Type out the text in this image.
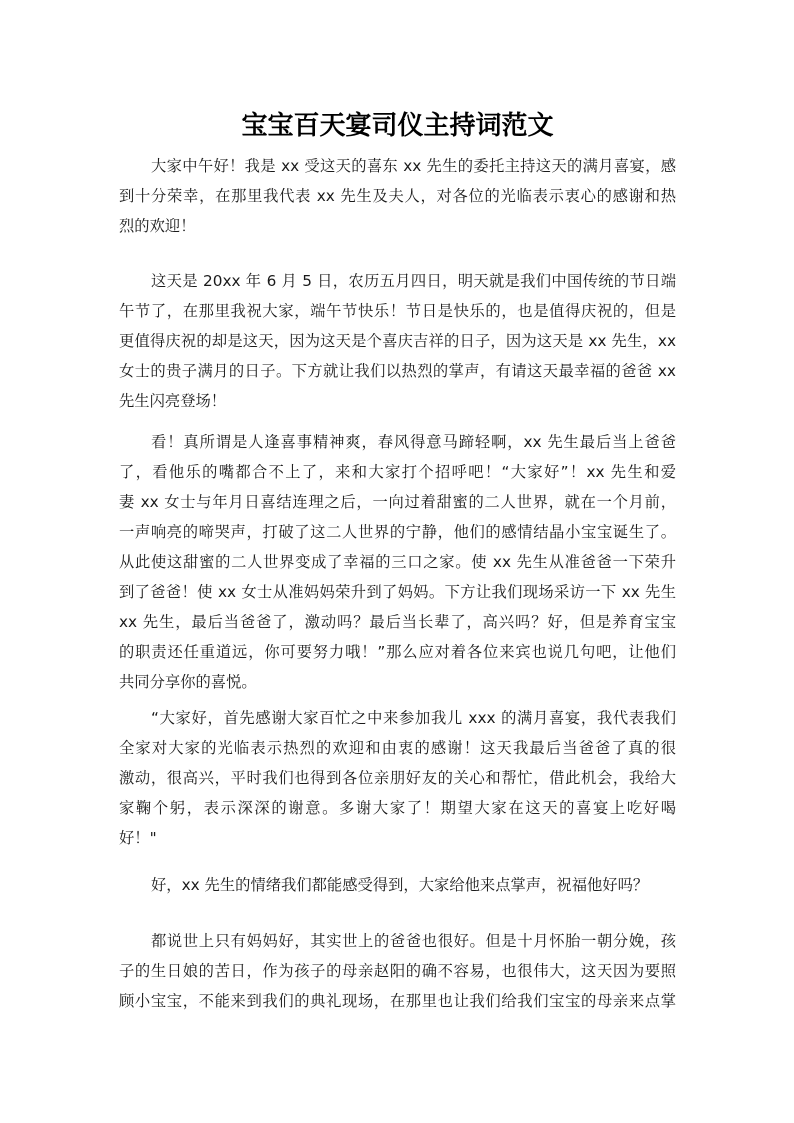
宝宝百天宴司仪主持词范文
大家中午好！我是 xx 受这天的喜东 xx 先生的委托主持这天的满月喜宴，感
到十分荣幸，在那里我代表 xx 先生及夫人，对各位的光临表示衷心的感谢和热
烈的欢迎！
这天是 20xx 年 6 月 5 日，农历五月四日，明天就是我们中国传统的节日端
午节了，在那里我祝大家，端午节快乐！节日是快乐的，也是值得庆祝的，但是
更值得庆祝的却是这天，因为这天是个喜庆吉祥的日子，因为这天是 xx 先生，xx
女士的贵子满月的日子。下方就让我们以热烈的掌声，有请这天最幸福的爸爸 xx
先生闪亮登场！
看！真所谓是人逢喜事精神爽，春风得意马蹄轻啊，xx 先生最后当上爸爸
了，看他乐的嘴都合不上了，来和大家打个招呼吧！“大家好”！xx 先生和爱
妻 xx 女士与年月日喜结连理之后，一向过着甜蜜的二人世界，就在一个月前，
一声响亮的啼哭声，打破了这二人世界的宁静，他们的感情结晶小宝宝诞生了。
从此使这甜蜜的二人世界变成了幸福的三口之家。使 xx 先生从准爸爸一下荣升
到了爸爸！使 xx 女士从准妈妈荣升到了妈妈。下方让我们现场采访一下 xx 先生
xx 先生，最后当爸爸了，激动吗？最后当长辈了，高兴吗？好，但是养育宝宝
的职责还任重道远，你可要努力哦！”那么应对着各位来宾也说几句吧，让他们
共同分享你的喜悦。
“大家好，首先感谢大家百忙之中来参加我儿 xxx 的满月喜宴，我代表我们
全家对大家的光临表示热烈的欢迎和由衷的感谢！这天我最后当爸爸了真的很
激动，很高兴，平时我们也得到各位亲朋好友的关心和帮忙，借此机会，我给大
家鞠个躬，表示深深的谢意。多谢大家了！期望大家在这天的喜宴上吃好喝
好！"
好，xx 先生的情绪我们都能感受得到，大家给他来点掌声，祝福他好吗？
都说世上只有妈妈好，其实世上的爸爸也很好。但是十月怀胎一朝分娩，孩
子的生日娘的苦日，作为孩子的母亲赵阳的确不容易，也很伟大，这天因为要照
顾小宝宝，不能来到我们的典礼现场，在那里也让我们给我们宝宝的母亲来点掌
